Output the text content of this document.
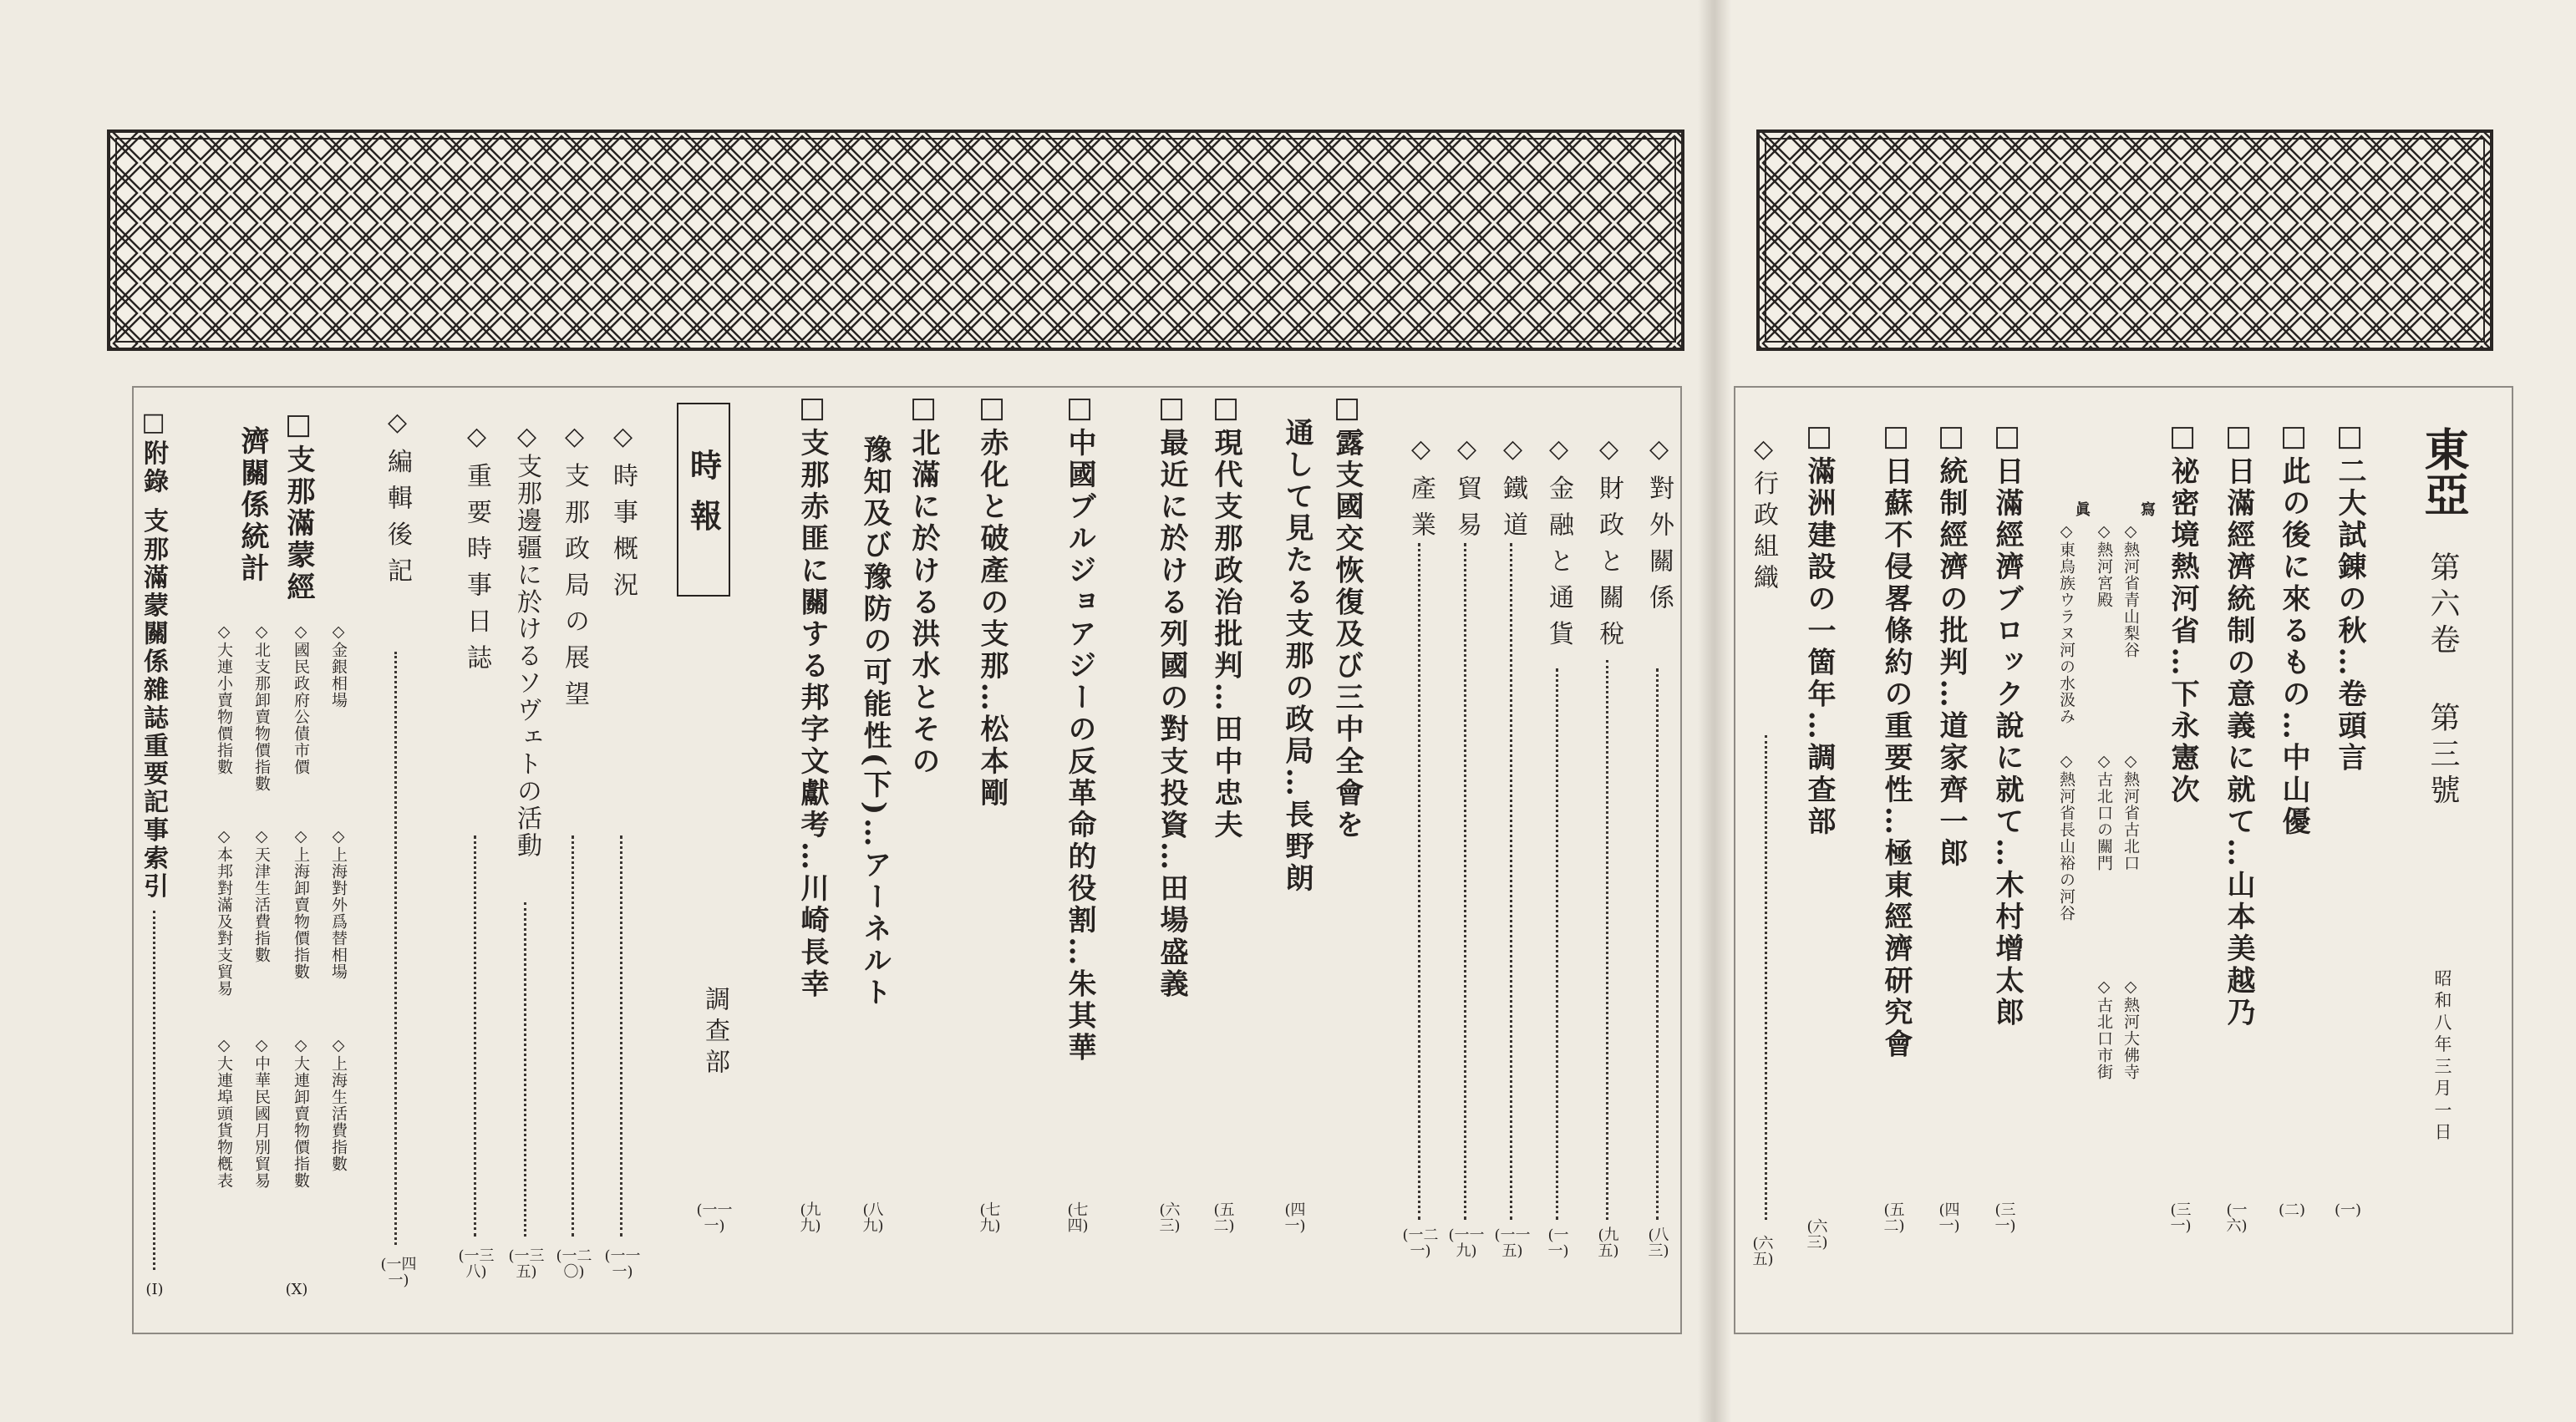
東亞
第六卷
第三號
昭和八年三月一日
□二大試錬の秋…卷頭言
(一)
□此の後に來るもの…中山優
(二)
□日滿經濟統制の意義に就て…山本美越乃
(一六)
□祕密境熱河省…下永憲次
(三一)
寫
眞
◇熱河省青山梨谷
◇熱河省古北口
◇熱河大佛寺
◇熱河宮殿
◇古北口の關門
◇古北口市街
◇東烏族ウラヌ河の水汲み
◇熱河省長山裕の河谷
□日滿經濟ブロック說に就て…木村增太郎
(三一)
□統制經濟の批判…道家齊一郎
(四一)
□日蘇不侵畧條約の重要性…極東經濟研究會
(五二)
□滿洲建設の一箇年…調查部
(六三)
◇行政組織
(六五)
◇對外關係
(八三)
◇財政と關稅
(九五)
◇金融と通貨
(一一)
◇鐵道
(一一五)
◇貿易
(一一九)
◇產業
(一二一)
□露支國交恢復及び三中全會を
通して見たる支那の政局…長野朗
(四一)
□現代支那政治批判…田中忠夫
(五二)
□最近に於ける列國の對支投資…田場盛義
(六三)
□中國ブルジョアジーの反革命的役割…朱其華
(七四)
□赤化と破產の支那…松本剛
(七九)
□北滿に於ける洪水とその
豫知及び豫防の可能性(下)…アーネルト
(八九)
□支那赤匪に關する邦字文獻考…川崎長幸
(九九)
時報
調查部
(一一一)
◇時事概況
(一一一)
◇支那政局の展望
(一二〇)
◇支那邊疆に於けるソヴェトの活動
(一三五)
◇重要時事日誌
(一三八)
◇編輯後記
(一四一)
□支那滿蒙經
濟關係統計
(X)
◇金銀相場
◇上海對外爲替相場
◇上海生活費指數
◇國民政府公債市價
◇上海卸賣物價指數
◇大連卸賣物價指數
◇北支那卸賣物價指數
◇天津生活費指數
◇中華民國月別貿易
◇大連小賣物價指數
◇本邦對滿及對支貿易
◇大連埠頭貨物槪表
□附錄 支那滿蒙關係雜誌重要記事索引
(I)
